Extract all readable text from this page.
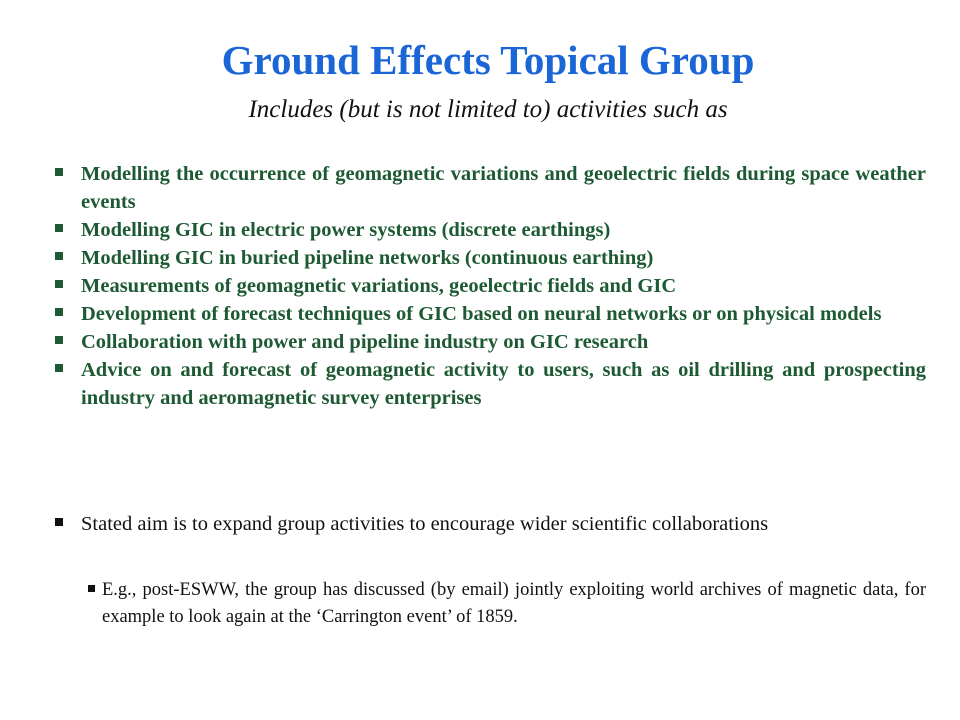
Ground Effects Topical Group
Includes (but is not limited to) activities such as
Modelling the occurrence of geomagnetic variations and geoelectric fields during space weather events
Modelling GIC in electric power systems (discrete earthings)
Modelling GIC in buried pipeline networks (continuous earthing)
Measurements of geomagnetic variations, geoelectric fields and GIC
Development of forecast techniques of GIC based on neural networks or on physical models
Collaboration with power and pipeline industry on GIC research
Advice on and forecast of geomagnetic activity to users, such as oil drilling and prospecting industry and aeromagnetic survey enterprises
Stated aim is to expand group activities to encourage wider scientific collaborations
E.g., post-ESWW, the group has discussed (by email) jointly exploiting world archives of magnetic data, for example to look again at the ‘Carrington event’ of 1859.
